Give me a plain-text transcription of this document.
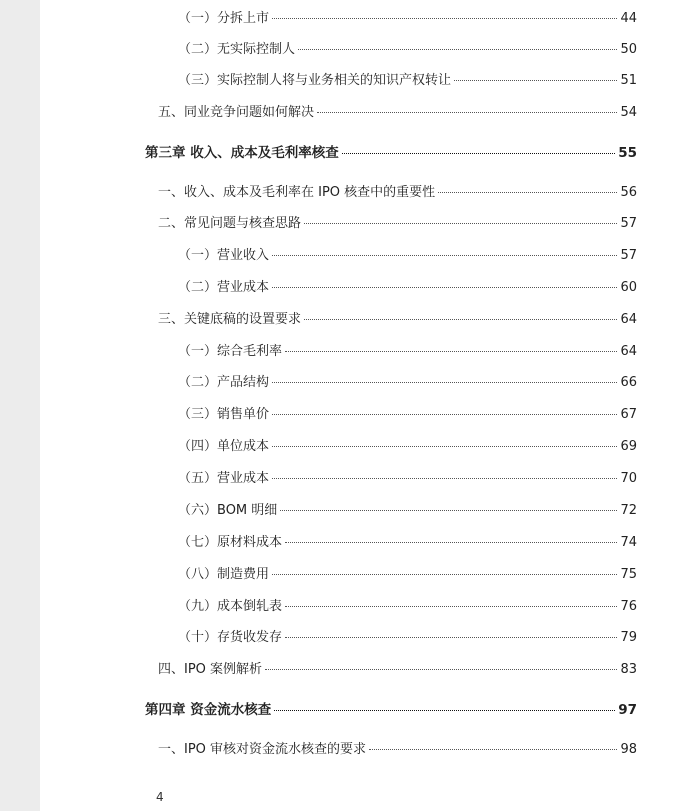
（一）分拆上市	44
（二）无实际控制人	50
（三）实际控制人将与业务相关的知识产权转让	51
五、同业竞争问题如何解决	54
第三章 收入、成本及毛利率核查	55
一、收入、成本及毛利率在 IPO 核查中的重要性	56
二、常见问题与核查思路	57
（一）营业收入	57
（二）营业成本	60
三、关键底稿的设置要求	64
（一）综合毛利率	64
（二）产品结构	66
（三）销售单价	67
（四）单位成本	69
（五）营业成本	70
（六）BOM 明细	72
（七）原材料成本	74
（八）制造费用	75
（九）成本倒轧表	76
（十）存货收发存	79
四、IPO 案例解析	83
第四章 资金流水核查	97
一、IPO 审核对资金流水核查的要求	98
4
